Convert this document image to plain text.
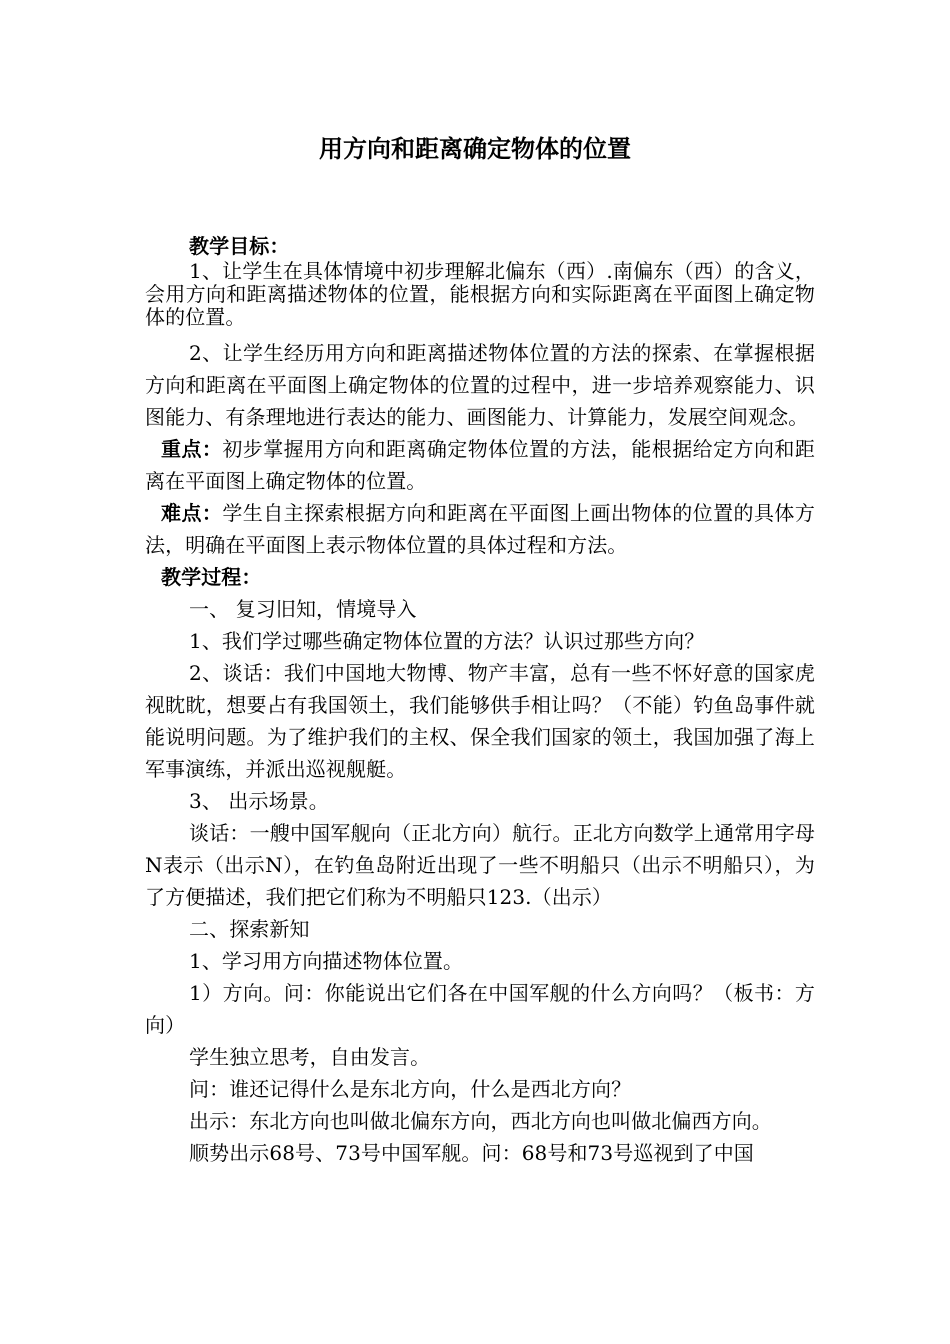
用方向和距离确定物体的位置

教学目标：

1、让学生在具体情境中初步理解北偏东（西）.南偏东（西）的含义，会用方向和距离描述物体的位置，能根据方向和实际距离在平面图上确定物体的位置。

2、让学生经历用方向和距离描述物体位置的方法的探索、在掌握根据方向和距离在平面图上确定物体的位置的过程中，进一步培养观察能力、识图能力、有条理地进行表达的能力、画图能力、计算能力，发展空间观念。

重点：初步掌握用方向和距离确定物体位置的方法，能根据给定方向和距离在平面图上确定物体的位置。

难点：学生自主探索根据方向和距离在平面图上画出物体的位置的具体方法，明确在平面图上表示物体位置的具体过程和方法。

教学过程：

一、 复习旧知，情境导入

1、我们学过哪些确定物体位置的方法？认识过那些方向？

2、谈话：我们中国地大物博、物产丰富，总有一些不怀好意的国家虎视眈眈，想要占有我国领土，我们能够供手相让吗？（不能）钓鱼岛事件就能说明问题。为了维护我们的主权、保全我们国家的领土，我国加强了海上军事演练，并派出巡视舰艇。

3、 出示场景。

谈话：一艘中国军舰向（正北方向）航行。正北方向数学上通常用字母N表示（出示N），在钓鱼岛附近出现了一些不明船只（出示不明船只），为了方便描述，我们把它们称为不明船只123.（出示）

二、探索新知

1、学习用方向描述物体位置。

1）方向。问：你能说出它们各在中国军舰的什么方向吗？（板书：方向）

学生独立思考，自由发言。

问：谁还记得什么是东北方向，什么是西北方向？

出示：东北方向也叫做北偏东方向，西北方向也叫做北偏西方向。

顺势出示68号、73号中国军舰。问：68号和73号巡视到了中国
